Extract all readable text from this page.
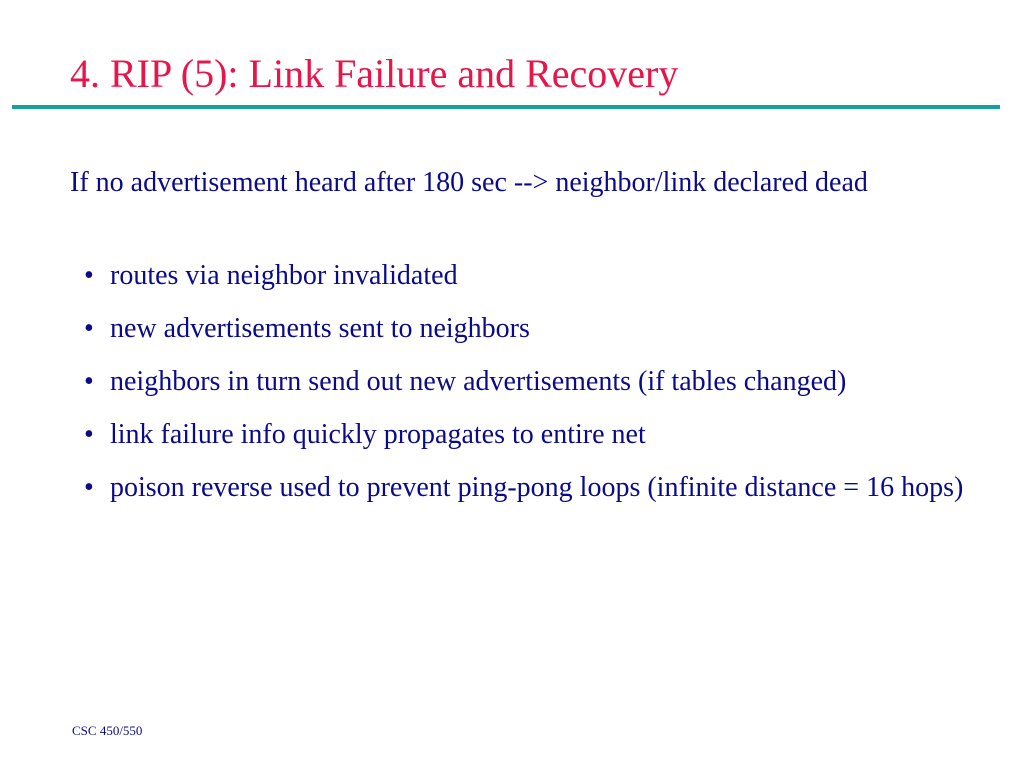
4. RIP (5): Link Failure and Recovery
If no advertisement heard after 180 sec --> neighbor/link declared dead
• routes via neighbor invalidated
• new advertisements sent to neighbors
• neighbors in turn send out new advertisements (if tables changed)
• link failure info quickly propagates to entire net
• poison reverse used to prevent ping-pong loops (infinite distance = 16 hops)
CSC 450/550
